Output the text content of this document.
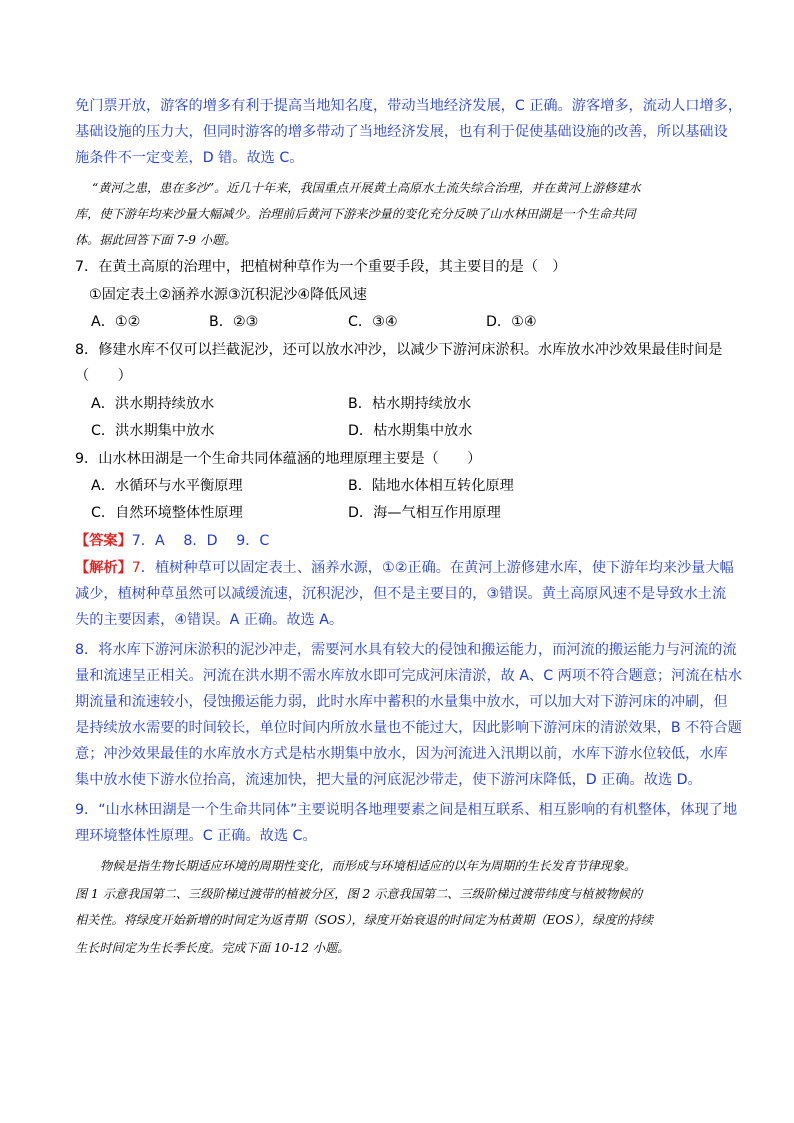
免门票开放，游客的增多有利于提高当地知名度，带动当地经济发展，C 正确。游客增多，流动人口增多，
基础设施的压力大，但同时游客的增多带动了当地经济发展，也有利于促使基础设施的改善，所以基础设
施条件不一定变差，D 错。故选 C。
“黄河之患，患在多沙”。近几十年来，我国重点开展黄土高原水土流失综合治理，并在黄河上游修建水
库，使下游年均来沙量大幅减少。治理前后黄河下游来沙量的变化充分反映了山水林田湖是一个生命共同
体。据此回答下面 7-9 小题。
7．在黄土高原的治理中，把植树种草作为一个重要手段，其主要目的是（　）
①固定表土②涵养水源③沉积泥沙④降低风速
A．①②	B．②③	C．③④	D．①④
8．修建水库不仅可以拦截泥沙，还可以放水冲沙，以减少下游河床淤积。水库放水冲沙效果最佳时间是
（　　）
A．洪水期持续放水	B．枯水期持续放水
C．洪水期集中放水	D．枯水期集中放水
9．山水林田湖是一个生命共同体蕴涵的地理原理主要是（　　）
A．水循环与水平衡原理	B．陆地水体相互转化原理
C．自然环境整体性原理	D．海—气相互作用原理
【答案】7．A　 8．D　 9．C
【解析】7．植树种草可以固定表土、涵养水源，①②正确。在黄河上游修建水库，使下游年均来沙量大幅
减少，植树种草虽然可以减缓流速，沉积泥沙，但不是主要目的，③错误。黄土高原风速不是导致水土流
失的主要因素，④错误。A 正确。故选 A。
8．将水库下游河床淤积的泥沙冲走，需要河水具有较大的侵蚀和搬运能力，而河流的搬运能力与河流的流
量和流速呈正相关。河流在洪水期不需水库放水即可完成河床清淤，故 A、C 两项不符合题意；河流在枯水
期流量和流速较小，侵蚀搬运能力弱，此时水库中蓄积的水量集中放水，可以加大对下游河床的冲刷，但
是持续放水需要的时间较长，单位时间内所放水量也不能过大，因此影响下游河床的清淤效果，B 不符合题
意；冲沙效果最佳的水库放水方式是枯水期集中放水，因为河流进入汛期以前，水库下游水位较低，水库
集中放水使下游水位抬高，流速加快，把大量的河底泥沙带走，使下游河床降低，D 正确。故选 D。
9．“山水林田湖是一个生命共同体”主要说明各地理要素之间是相互联系、相互影响的有机整体，体现了地
理环境整体性原理。C 正确。故选 C。
物候是指生物长期适应环境的周期性变化，而形成与环境相适应的以年为周期的生长发育节律现象。
图 1 示意我国第二、三级阶梯过渡带的植被分区，图 2 示意我国第二、三级阶梯过渡带纬度与植被物候的
相关性。将绿度开始新增的时间定为返青期（SOS），绿度开始衰退的时间定为枯黄期（EOS），绿度的持续
生长时间定为生长季长度。完成下面 10-12 小题。
